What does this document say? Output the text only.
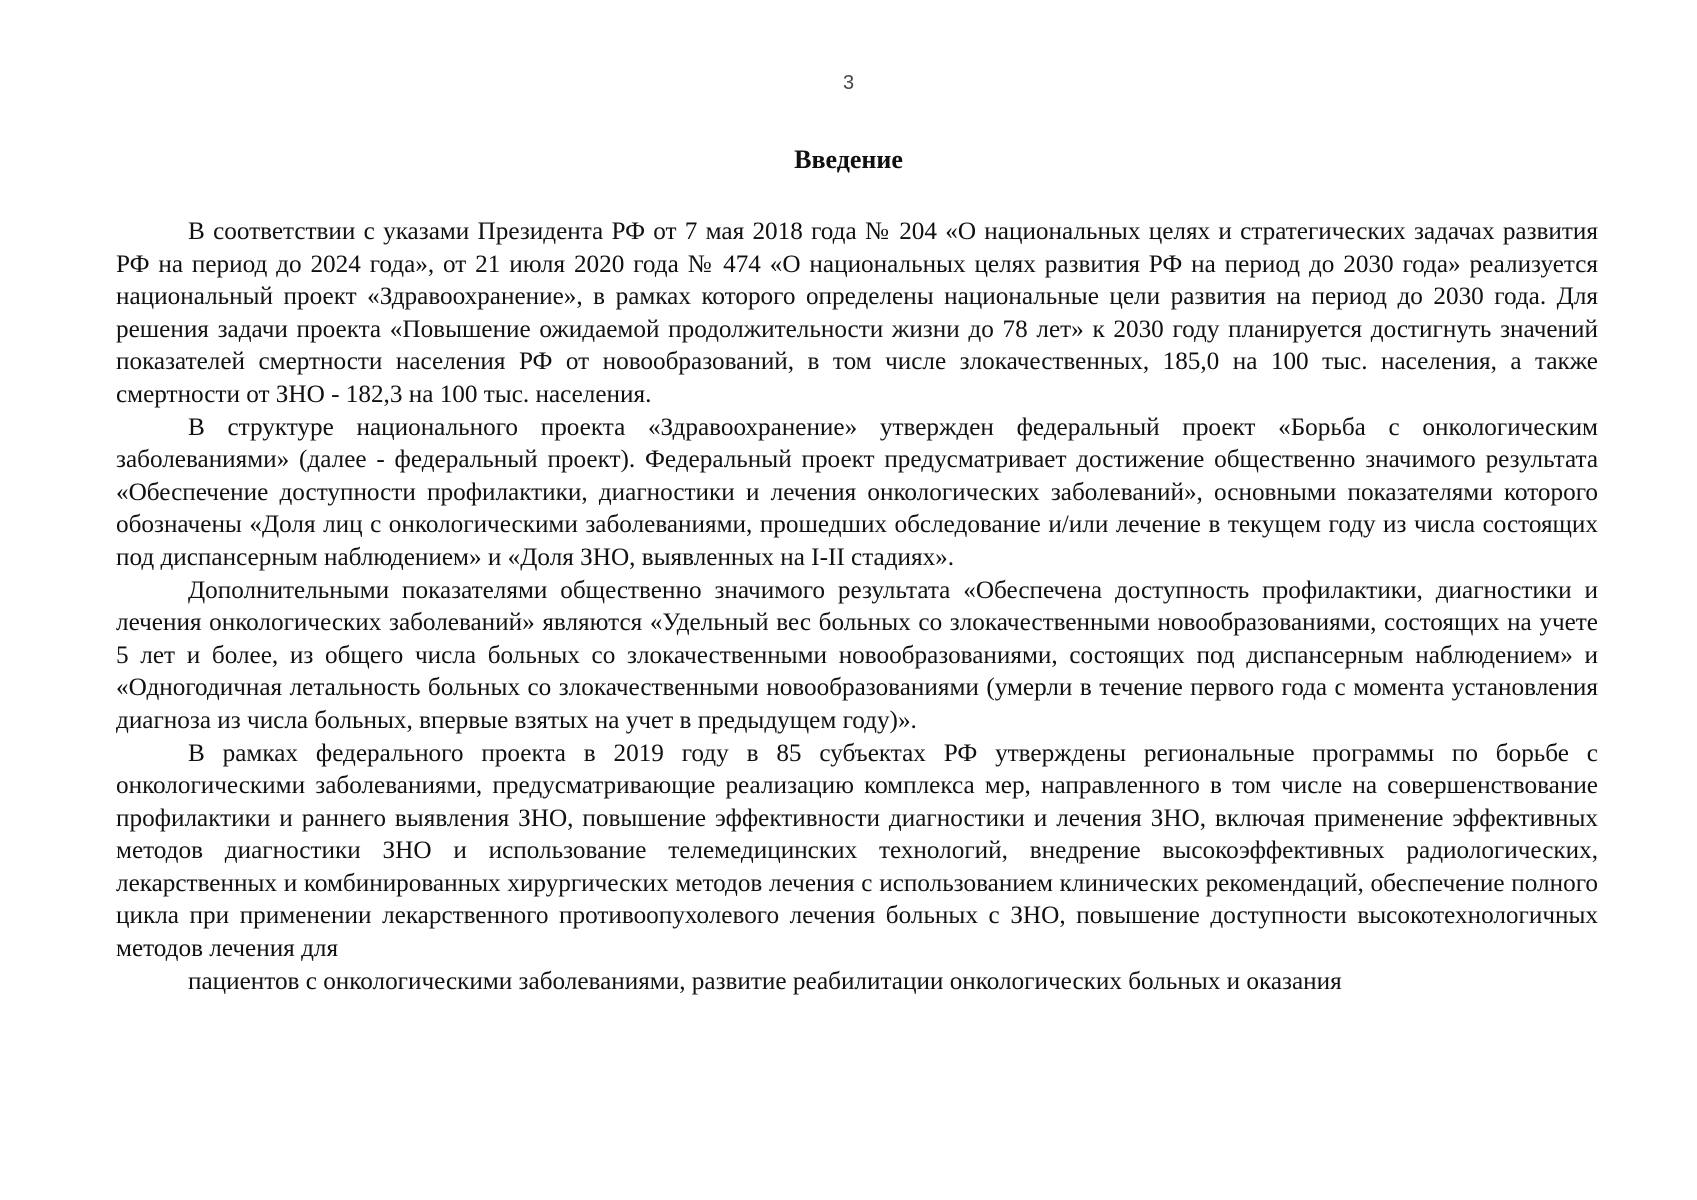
3
Введение

В соответствии с указами Президента РФ от 7 мая 2018 года № 204 «О национальных целях и стратегических задачах развития РФ на период до 2024 года», от 21 июля 2020 года № 474 «О национальных целях развития РФ на период до 2030 года» реализуется национальный проект «Здравоохранение», в рамках которого определены национальные цели развития на период до 2030 года. Для решения задачи проекта «Повышение ожидаемой продолжительности жизни до 78 лет» к 2030 году планируется достигнуть значений показателей смертности населения РФ от новообразований, в том числе злокачественных, 185,0 на 100 тыс. населения, а также смертности от ЗНО - 182,3 на 100 тыс. населения.

В структуре национального проекта «Здравоохранение» утвержден федеральный проект «Борьба с онкологическим заболеваниями» (далее - федеральный проект). Федеральный проект предусматривает достижение общественно значимого результата «Обеспечение доступности профилактики, диагностики и лечения онкологических заболеваний», основными показателями которого обозначены «Доля лиц с онкологическими заболеваниями, прошедших обследование и/или лечение в текущем году из числа состоящих под диспансерным наблюдением» и «Доля ЗНО, выявленных на I-II стадиях».

Дополнительными показателями общественно значимого результата «Обеспечена доступность профилактики, диагностики и лечения онкологических заболеваний» являются «Удельный вес больных со злокачественными новообразованиями, состоящих на учете 5 лет и более, из общего числа больных со злокачественными новообразованиями, состоящих под диспансерным наблюдением» и «Одногодичная летальность больных со злокачественными новообразованиями (умерли в течение первого года с момента установления диагноза из числа больных, впервые взятых на учет в предыдущем году)».

В рамках федерального проекта в 2019 году в 85 субъектах РФ утверждены региональные программы по борьбе с онкологическими заболеваниями, предусматривающие реализацию комплекса мер, направленного в том числе на совершенствование профилактики и раннего выявления ЗНО, повышение эффективности диагностики и лечения ЗНО, включая применение эффективных методов диагностики ЗНО и использование телемедицинских технологий, внедрение высокоэффективных радиологических, лекарственных и комбинированных хирургических методов лечения с использованием клинических рекомендаций, обеспечение полного цикла при применении лекарственного противоопухолевого лечения больных с ЗНО, повышение доступности высокотехнологичных методов лечения для

пациентов с онкологическими заболеваниями, развитие реабилитации онкологических больных и оказания
